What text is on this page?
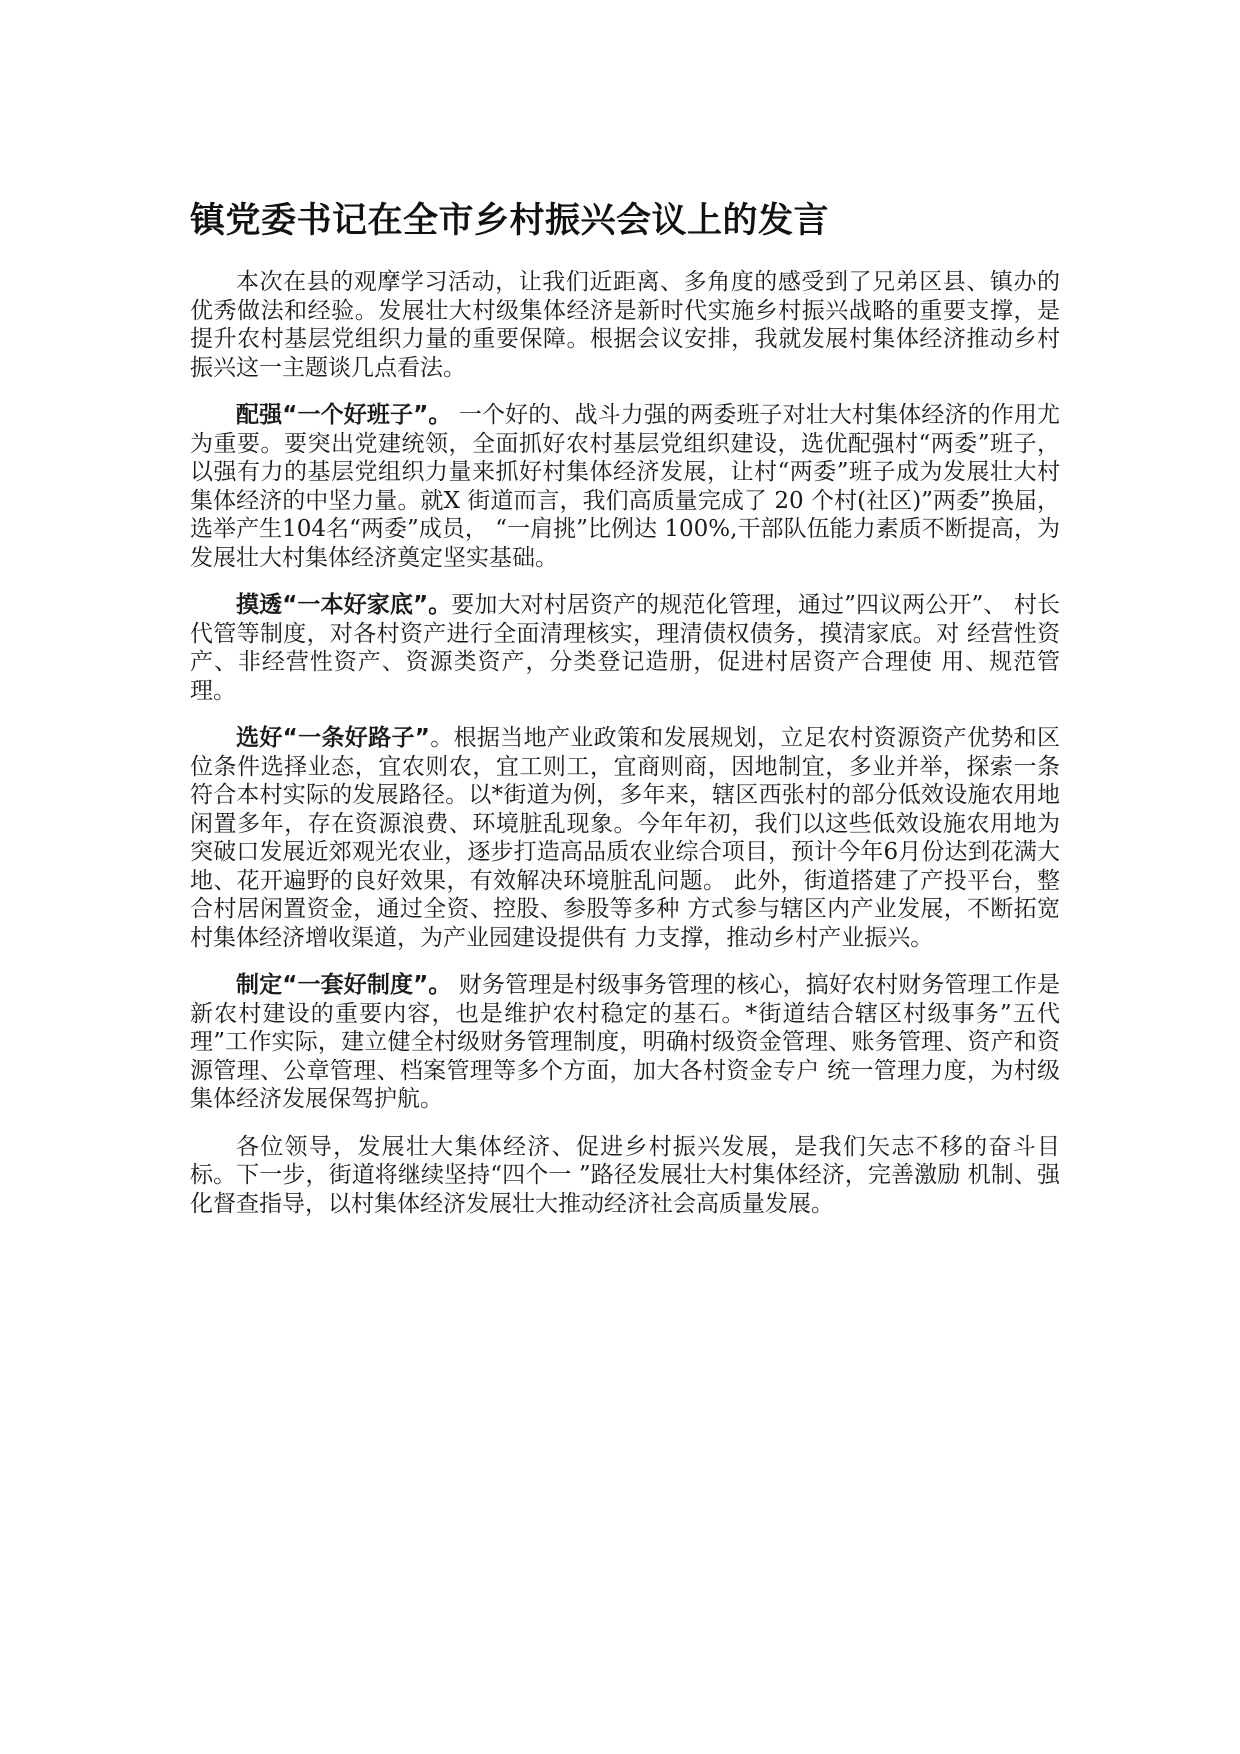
镇党委书记在全市乡村振兴会议上的发言

本次在县的观摩学习活动，让我们近距离、多角度的感受到了兄弟区县、镇办的优秀做法和经验。发展壮大村级集体经济是新时代实施乡村振兴战略的重要支撑，是提升农村基层党组织力量的重要保障。根据会议安排，我就发展村集体经济推动乡村振兴这一主题谈几点看法。

配强“一个好班子”。 一个好的、战斗力强的两委班子对壮大村集体经济的作用尤为重要。要突出党建统领，全面抓好农村基层党组织建设，选优配强村“两委”班子，以强有力的基层党组织力量来抓好村集体经济发展，让村“两委”班子成为发展壮大村集体经济的中坚力量。就X 街道而言，我们高质量完成了 20 个村(社区)”两委”换届，选举产生104名“两委”成员， “一肩挑”比例达 100%,干部队伍能力素质不断提高，为发展壮大村集体经济奠定坚实基础。

摸透“一本好家底”。要加大对村居资产的规范化管理，通过”四议两公开”、 村长代管等制度，对各村资产进行全面清理核实，理清债权债务，摸清家底。对 经营性资产、非经营性资产、资源类资产，分类登记造册，促进村居资产合理使 用、规范管理。

选好“一条好路子”。根据当地产业政策和发展规划，立足农村资源资产优势和区位条件选择业态，宜农则农，宜工则工，宜商则商，因地制宜，多业并举，探索一条符合本村实际的发展路径。以*街道为例，多年来，辖区西张村的部分低效设施农用地闲置多年，存在资源浪费、环境脏乱现象。今年年初，我们以这些低效设施农用地为突破口发展近郊观光农业，逐步打造高品质农业综合项目，预计今年6月份达到花满大地、花开遍野的良好效果，有效解决环境脏乱问题。 此外，街道搭建了产投平台，整合村居闲置资金，通过全资、控股、参股等多种 方式参与辖区内产业发展，不断拓宽村集体经济增收渠道，为产业园建设提供有 力支撑，推动乡村产业振兴。

制定“一套好制度”。 财务管理是村级事务管理的核心，搞好农村财务管理工作是新农村建设的重要内容，也是维护农村稳定的基石。*街道结合辖区村级事务”五代理”工作实际，建立健全村级财务管理制度，明确村级资金管理、账务管理、资产和资源管理、公章管理、档案管理等多个方面，加大各村资金专户 统一管理力度，为村级集体经济发展保驾护航。

各位领导，发展壮大集体经济、促进乡村振兴发展，是我们矢志不移的奋斗目标。下一步，街道将继续坚持“四个一 ”路径发展壮大村集体经济，完善激励 机制、强化督查指导，以村集体经济发展壮大推动经济社会高质量发展。
